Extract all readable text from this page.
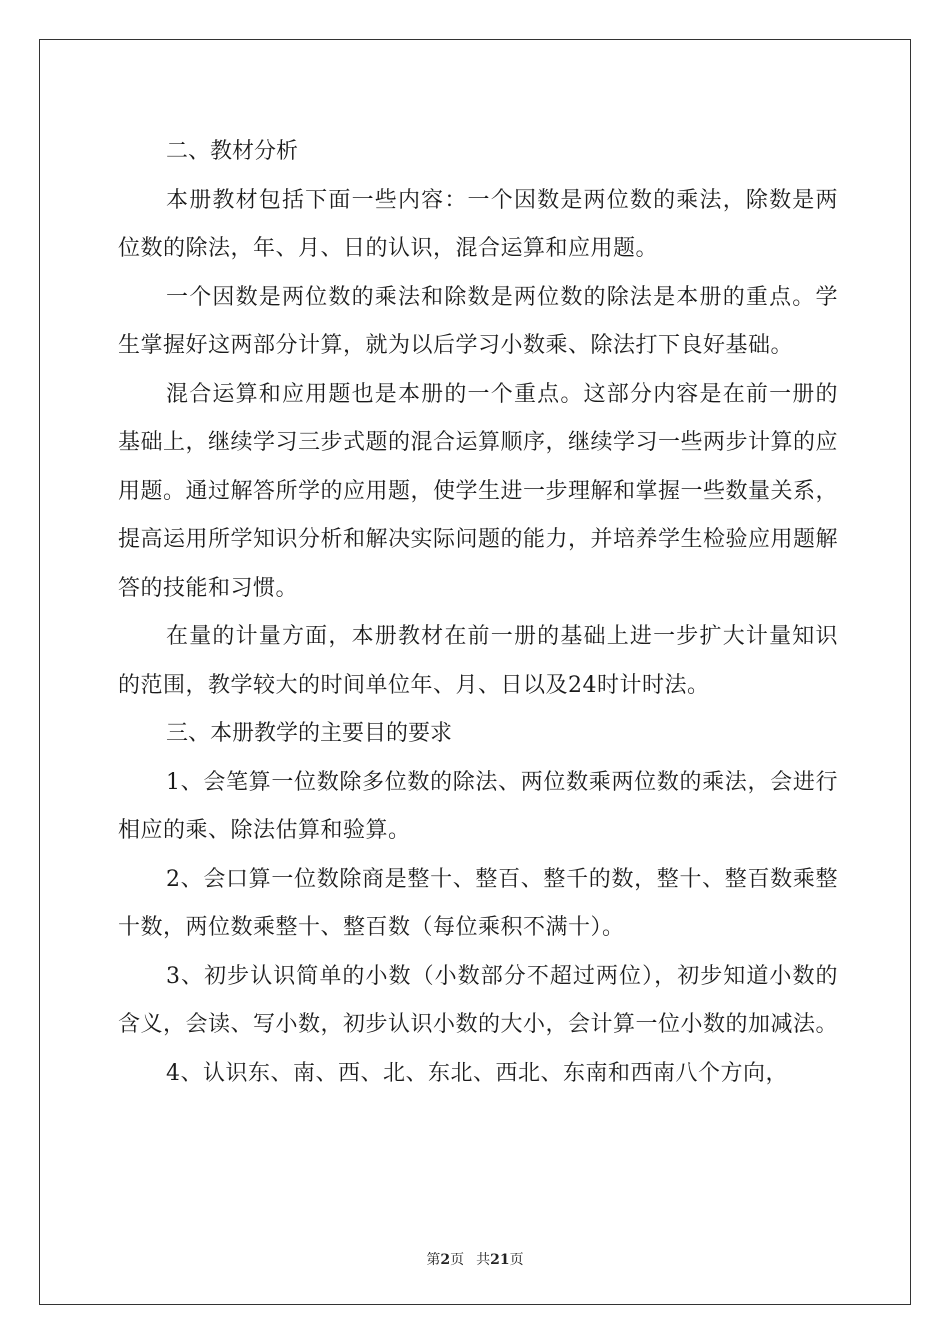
二、教材分析

本册教材包括下面一些内容：一个因数是两位数的乘法，除数是两位数的除法，年、月、日的认识，混合运算和应用题。

一个因数是两位数的乘法和除数是两位数的除法是本册的重点。学生掌握好这两部分计算，就为以后学习小数乘、除法打下良好基础。

混合运算和应用题也是本册的一个重点。这部分内容是在前一册的基础上，继续学习三步式题的混合运算顺序，继续学习一些两步计算的应用题。通过解答所学的应用题，使学生进一步理解和掌握一些数量关系，提高运用所学知识分析和解决实际问题的能力，并培养学生检验应用题解答的技能和习惯。

在量的计量方面，本册教材在前一册的基础上进一步扩大计量知识的范围，教学较大的时间单位年、月、日以及24时计时法。

三、本册教学的主要目的要求

1、会笔算一位数除多位数的除法、两位数乘两位数的乘法，会进行相应的乘、除法估算和验算。

2、会口算一位数除商是整十、整百、整千的数，整十、整百数乘整十数，两位数乘整十、整百数（每位乘积不满十）。

3、初步认识简单的小数（小数部分不超过两位），初步知道小数的含义，会读、写小数，初步认识小数的大小，会计算一位小数的加减法。

4、认识东、南、西、北、东北、西北、东南和西南八个方向，

第2页 共21页
